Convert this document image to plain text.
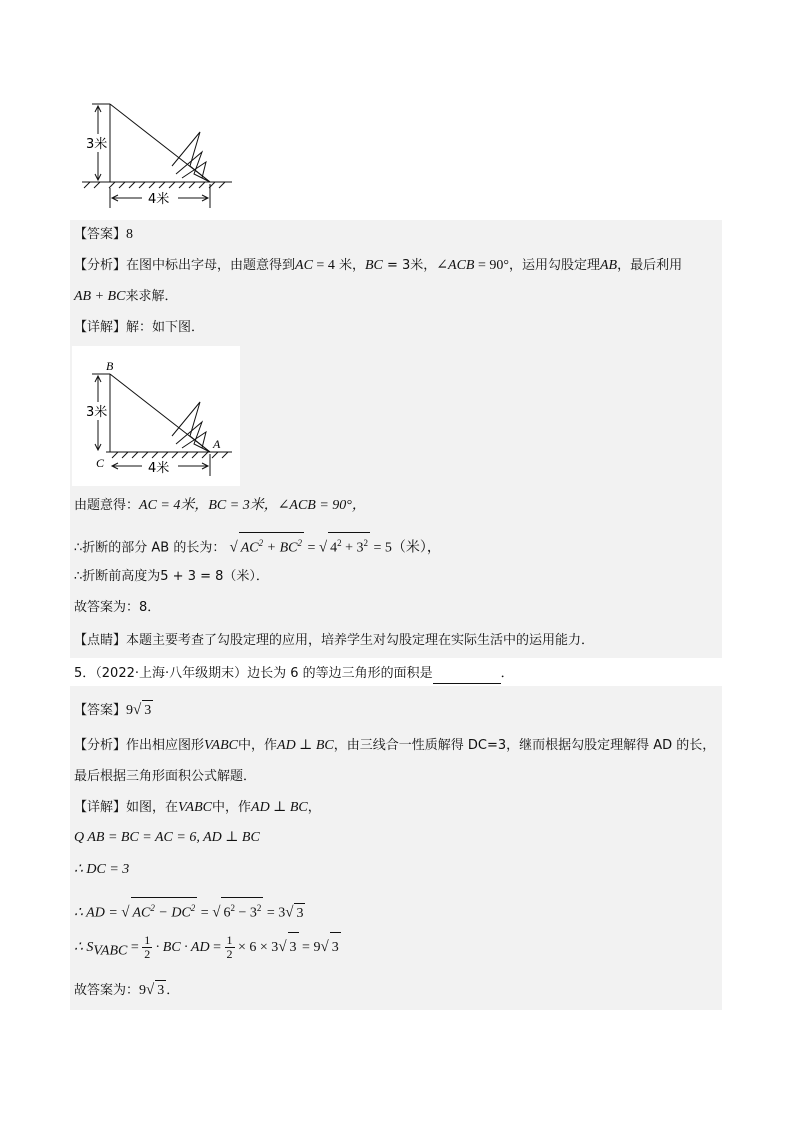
3米
4米
【答案】8
【分析】在图中标出字母，由题意得到AC = 4 米，BC = 3米，∠ACB = 90°，运用勾股定理AB，最后利用
AB + BC来求解．
【详解】解：如下图．
3米
4米
B
C
A
由题意得：AC = 4米，BC = 3米，∠ACB = 90°，
∴折断的部分 AB 的长为： √ $AC^2 + BC^2$ = √ $4^2 + 3^2 = 5$（米），
∴折断前高度为5 + 3 = 8（米）．
故答案为：8．
【点睛】本题主要考查了勾股定理的应用，培养学生对勾股定理在实际生活中的运用能力．
5．（2022·上海·八年级期末）边长为 6 的等边三角形的面积是	．
【答案】9√ 3
【分析】作出相应图形VABC中，作AD ⊥ BC，由三线合一性质解得 DC=3，继而根据勾股定理解得 AD 的长，
最后根据三角形面积公式解题．
【详解】如图，在VABC中，作AD ⊥ BC，
Q AB = BC = AC = 6, AD ⊥ BC
∴ DC = 3
∴ AD = √ $AC^2 - DC^2$ = √ $6^2 - 3^2 = 3√$ 3
∴ $S_{VABC} = \frac{1}{2}$ · BC · AD = $\frac{1}{2} \times 6 \times 3√$ 3 = 9√ 3
故答案为：9√ 3 ．
